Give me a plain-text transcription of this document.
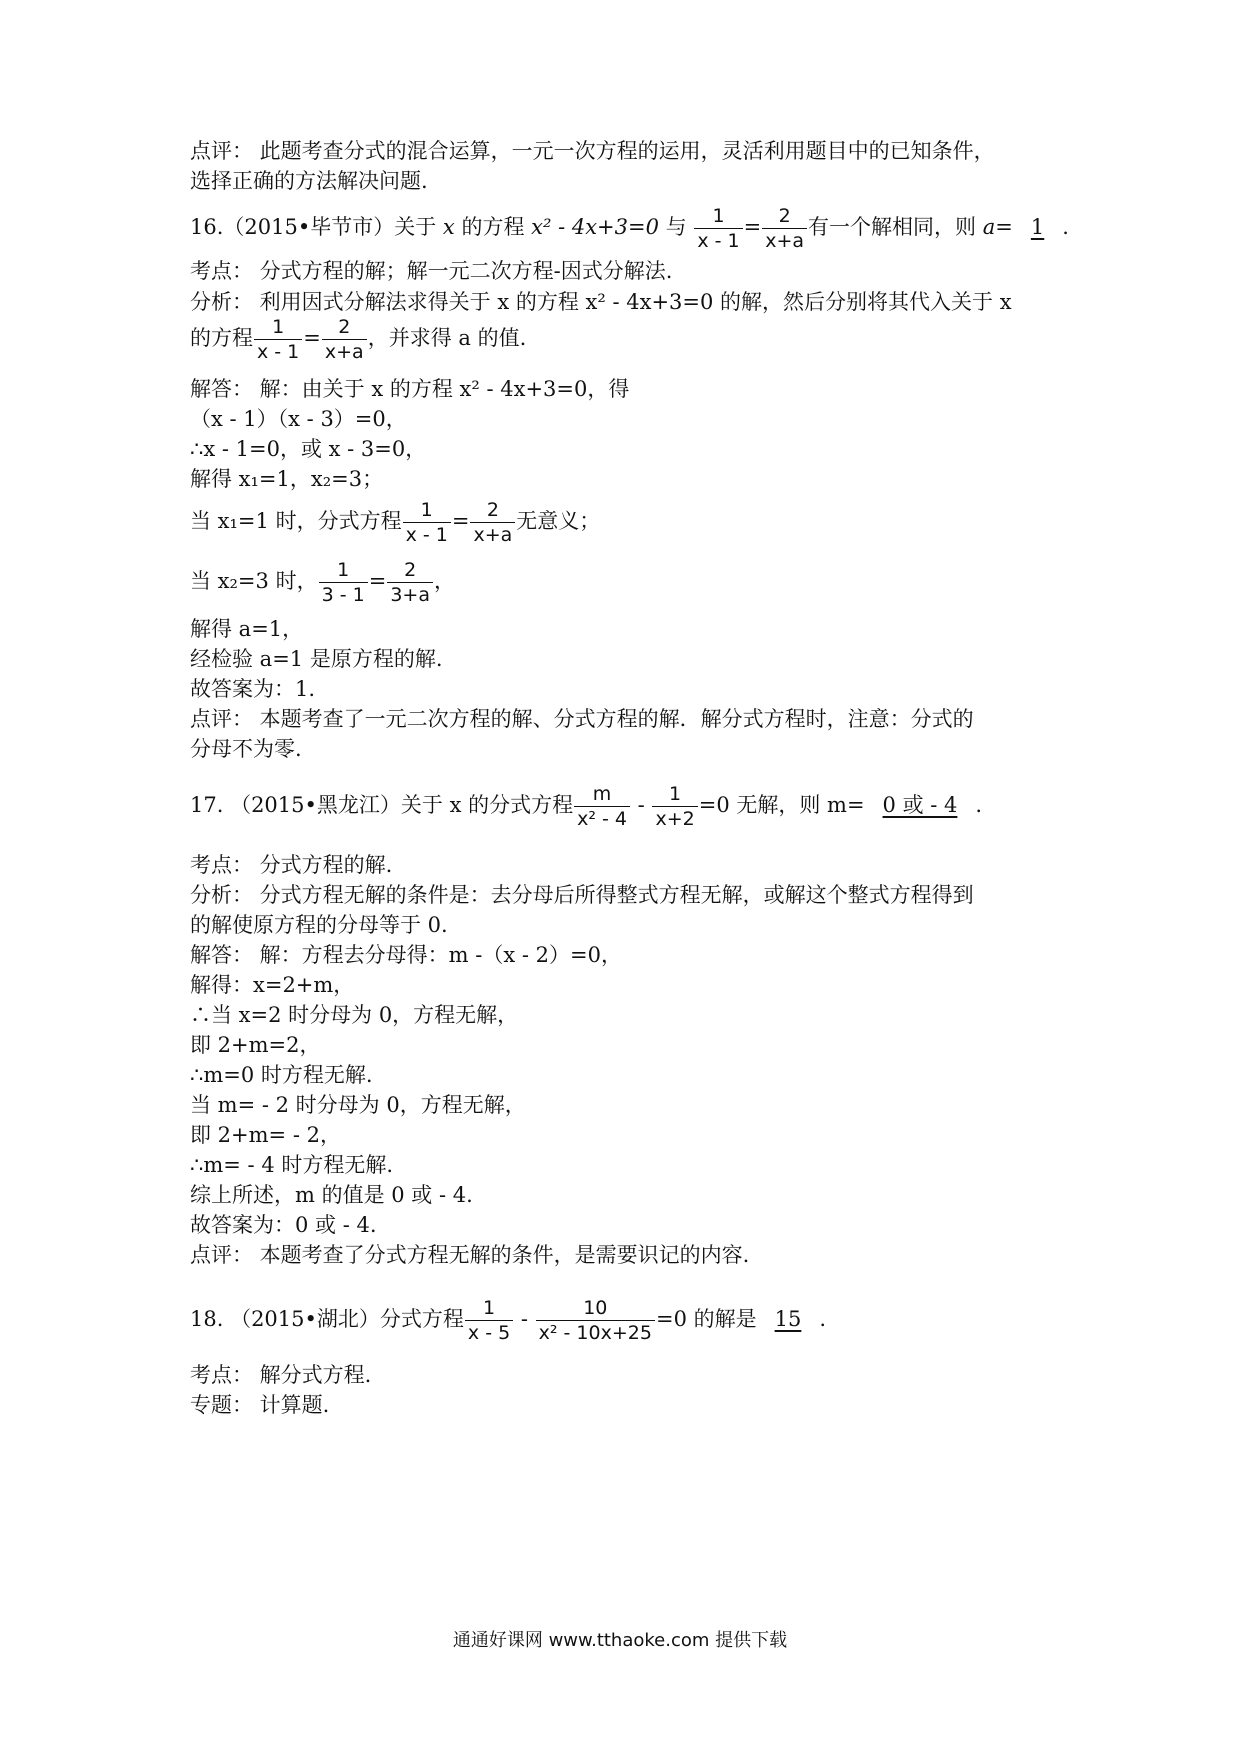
点评： 此题考查分式的混合运算，一元一次方程的运用，灵活利用题目中的已知条件，
选择正确的方法解决问题.
16.（2015•毕节市）关于 x 的方程 x² - 4x+3=0 与 $\frac{1}{x - 1} = \frac{2}{x+a}$ 有一个解相同，则 a= 1 .
考点： 分式方程的解；解一元二次方程-因式分解法.
分析： 利用因式分解法求得关于 x 的方程 x² - 4x+3=0 的解，然后分别将其代入关于 x
的方程 $\frac{1}{x - 1} = \frac{2}{x+a}$ ，并求得 a 的值.
解答： 解：由关于 x 的方程 x² - 4x+3=0，得
（x - 1）（x - 3）=0，
∴x - 1=0，或 x - 3=0，
解得 x₁=1，x₂=3；
当 x₁=1 时，分式方程 $\frac{1}{x - 1} = \frac{2}{x+a}$ 无意义；
当 x₂=3 时， $\frac{1}{3 - 1} = \frac{2}{3+a}$ ，
解得 a=1，
经检验 a=1 是原方程的解.
故答案为：1.
点评： 本题考查了一元二次方程的解、分式方程的解．解分式方程时，注意：分式的
分母不为零.
17. （2015•黑龙江）关于 x 的分式方程 $\frac{m}{\text{x² - 4}} - \frac{1}{x+2} =0$ 无解，则 m= 0 或 - 4 .
考点： 分式方程的解.
分析： 分式方程无解的条件是：去分母后所得整式方程无解，或解这个整式方程得到
的解使原方程的分母等于 0.
解答： 解：方程去分母得：m -（x - 2）=0，
解得：x=2+m，
∴当 x=2 时分母为 0，方程无解，
即 2+m=2，
∴m=0 时方程无解.
当 m= - 2 时分母为 0，方程无解，
即 2+m= - 2，
∴m= - 4 时方程无解.
综上所述，m 的值是 0 或 - 4.
故答案为：0 或 - 4.
点评： 本题考查了分式方程无解的条件，是需要识记的内容.
18. （2015•湖北）分式方程 $\frac{1}{x - 5} - \frac{10}{\text{x² - 10x+25}} =0$ 的解是 15 .
考点： 解分式方程.
专题： 计算题.
通通好课网 www.tthaoke.com 提供下载
